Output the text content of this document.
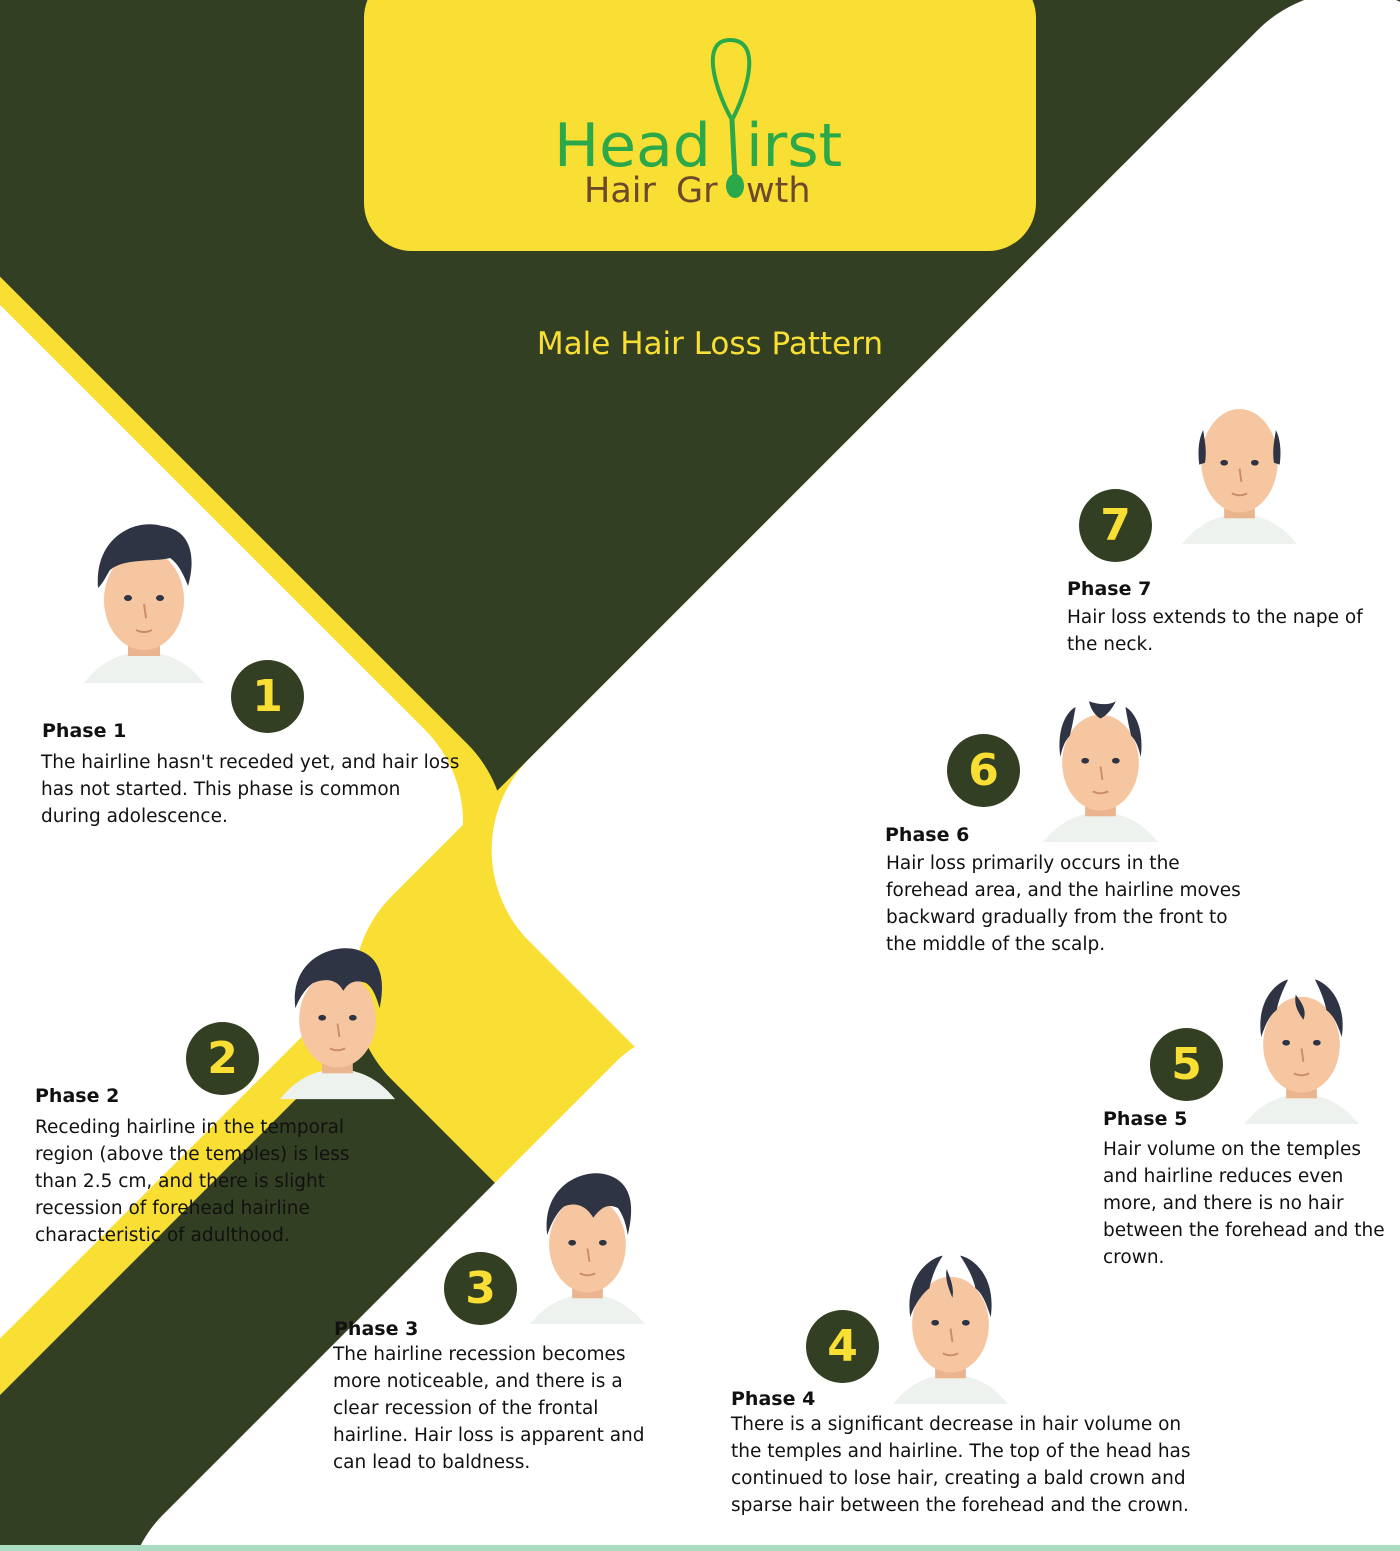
Head irst
Hair Gr wth
Male Hair Loss Pattern
1

Phase 1

The hairline hasn't receded yet, and hair loss has not started. This phase is common during adolescence.

2

Phase 2

Receding hairline in the temporal region (above the temples) is less than 2.5 cm, and there is slight recession of forehead hairline characteristic of adulthood.

3

Phase 3

The hairline recession becomes more noticeable, and there is a clear recession of the frontal hairline. Hair loss is apparent and can lead to baldness.

4

Phase 4

There is a significant decrease in hair volume on the temples and hairline. The top of the head has continued to lose hair, creating a bald crown and sparse hair between the forehead and the crown.

5

Phase 5

Hair volume on the temples and hairline reduces even more, and there is no hair between the forehead and the crown.

6

Phase 6

Hair loss primarily occurs in the forehead area, and the hairline moves backward gradually from the front to the middle of the scalp.

7

Phase 7

Hair loss extends to the nape of the neck.
